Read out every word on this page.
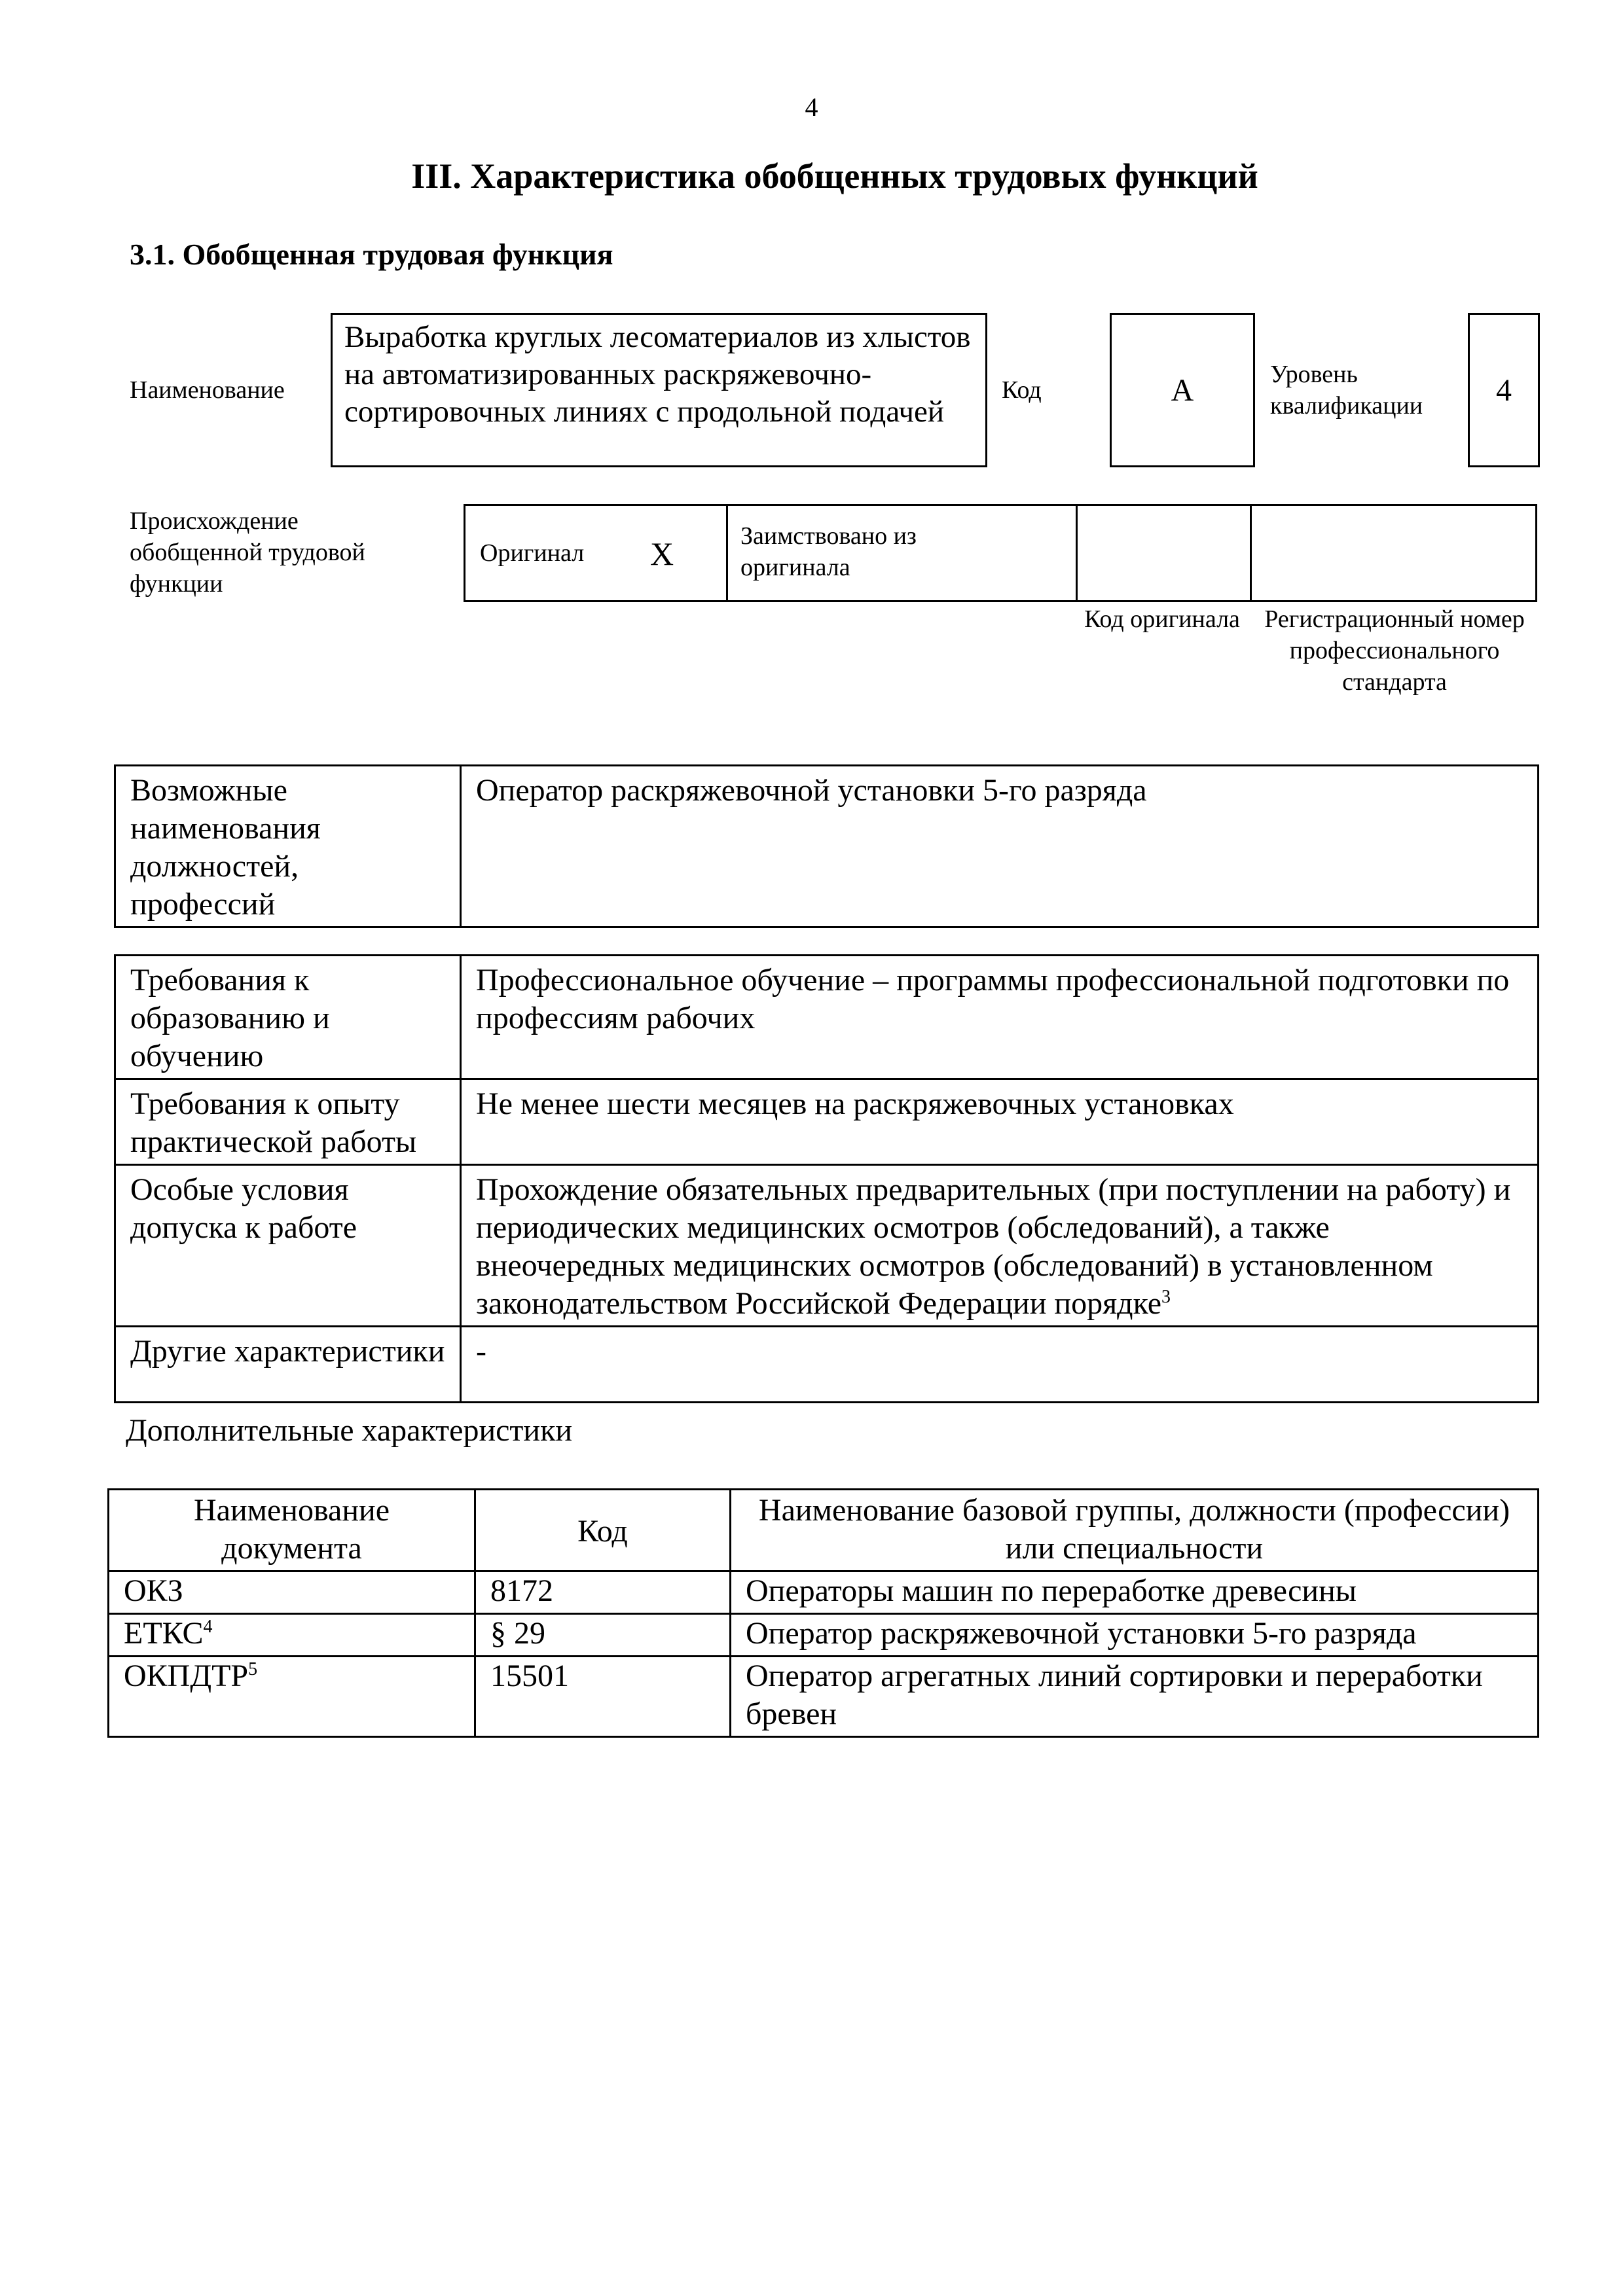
4
III. Характеристика обобщенных трудовых функций
3.1. Обобщенная трудовая функция
Наименование
Выработка круглых лесоматериалов из хлыстов на автоматизированных раскряжевочно-сортировочных линиях с продольной подачей
Код	A	Уровень квалификации	4
Происхождение обобщенной трудовой функции
Оригинал X	Заимствовано из оригинала
Код оригинала Регистрационный номер профессионального стандарта
Возможные наименования должностей, профессий	Оператор раскряжевочной установки 5-го разряда
Требования к образованию и обучению	Профессиональное обучение – программы профессиональной подготовки по профессиям рабочих
Требования к опыту практической работы	Не менее шести месяцев на раскряжевочных установках
Особые условия допуска к работе	Прохождение обязательных предварительных (при поступлении на работу) и периодических медицинских осмотров (обследований), а также внеочередных медицинских осмотров (обследований) в установленном законодательством Российской Федерации порядке$^3$
Другие характеристики	-
Дополнительные характеристики
Наименование документа	Код	Наименование базовой группы, должности (профессии) или специальности
ОКЗ	8172	Операторы машин по переработке древесины
ЕТКС$^4$	§ 29	Оператор раскряжевочной установки 5-го разряда
ОКПДТР$^5$	15501	Оператор агрегатных линий сортировки и переработки бревен
